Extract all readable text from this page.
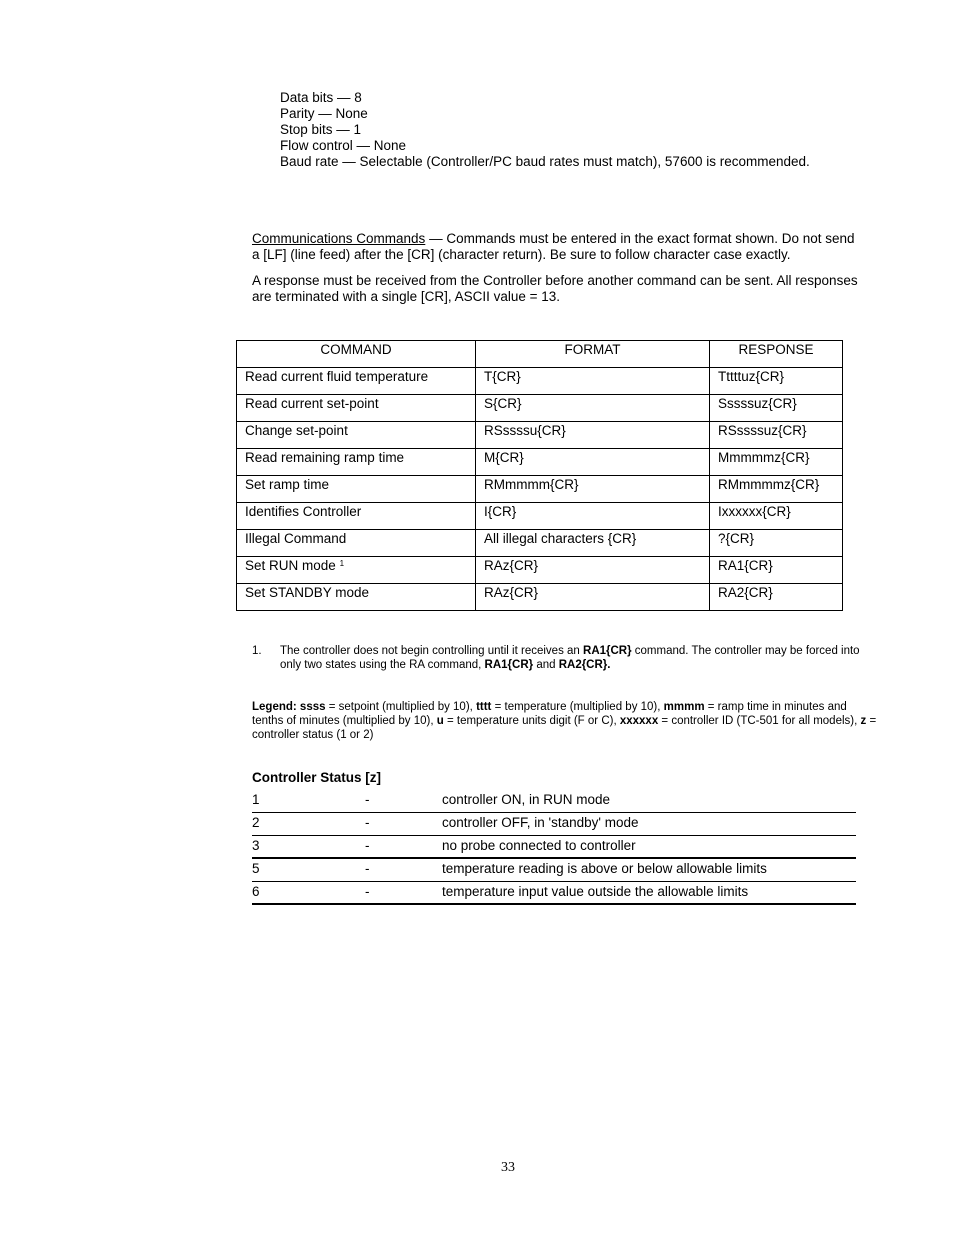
Data bits — 8
Parity — None
Stop bits — 1
Flow control — None
Baud rate — Selectable (Controller/PC baud rates must match), 57600 is recommended.

Communications Commands — Commands must be entered in the exact format shown. Do not send a [LF] (line feed) after the [CR] (character return). Be sure to follow character case exactly.

A response must be received from the Controller before another command can be sent. All responses are terminated with a single [CR], ASCII value = 13.

COMMAND	FORMAT	RESPONSE
Read current fluid temperature	T{CR}	Tttttuz{CR}
Read current set-point	S{CR}	Sssssuz{CR}
Change set-point	RSssssu{CR}	RSssssuz{CR}
Read remaining ramp time	M{CR}	Mmmmmz{CR}
Set ramp time	RMmmmm{CR}	RMmmmmz{CR}
Identifies Controller	I{CR}	Ixxxxxx{CR}
Illegal Command	All illegal characters {CR}	?{CR}
Set RUN mode $^1$	RAz{CR}	RA1{CR}
Set STANDBY mode	RAz{CR}	RA2{CR}
1. The controller does not begin controlling until it receives an RA1{CR} command. The controller may be forced into only two states using the RA command, RA1{CR} and RA2{CR}.
Legend: ssss = setpoint (multiplied by 10), tttt = temperature (multiplied by 10), mmmm = ramp time in minutes and tenths of minutes (multiplied by 10), u = temperature units digit (F or C), xxxxxx = controller ID (TC-501 for all models), z = controller status (1 or 2)
Controller Status [z]
1	-	controller ON, in RUN mode
2	-	controller OFF, in 'standby' mode
3	-	no probe connected to controller
5	-	temperature reading is above or below allowable limits
6	-	temperature input value outside the allowable limits
33
